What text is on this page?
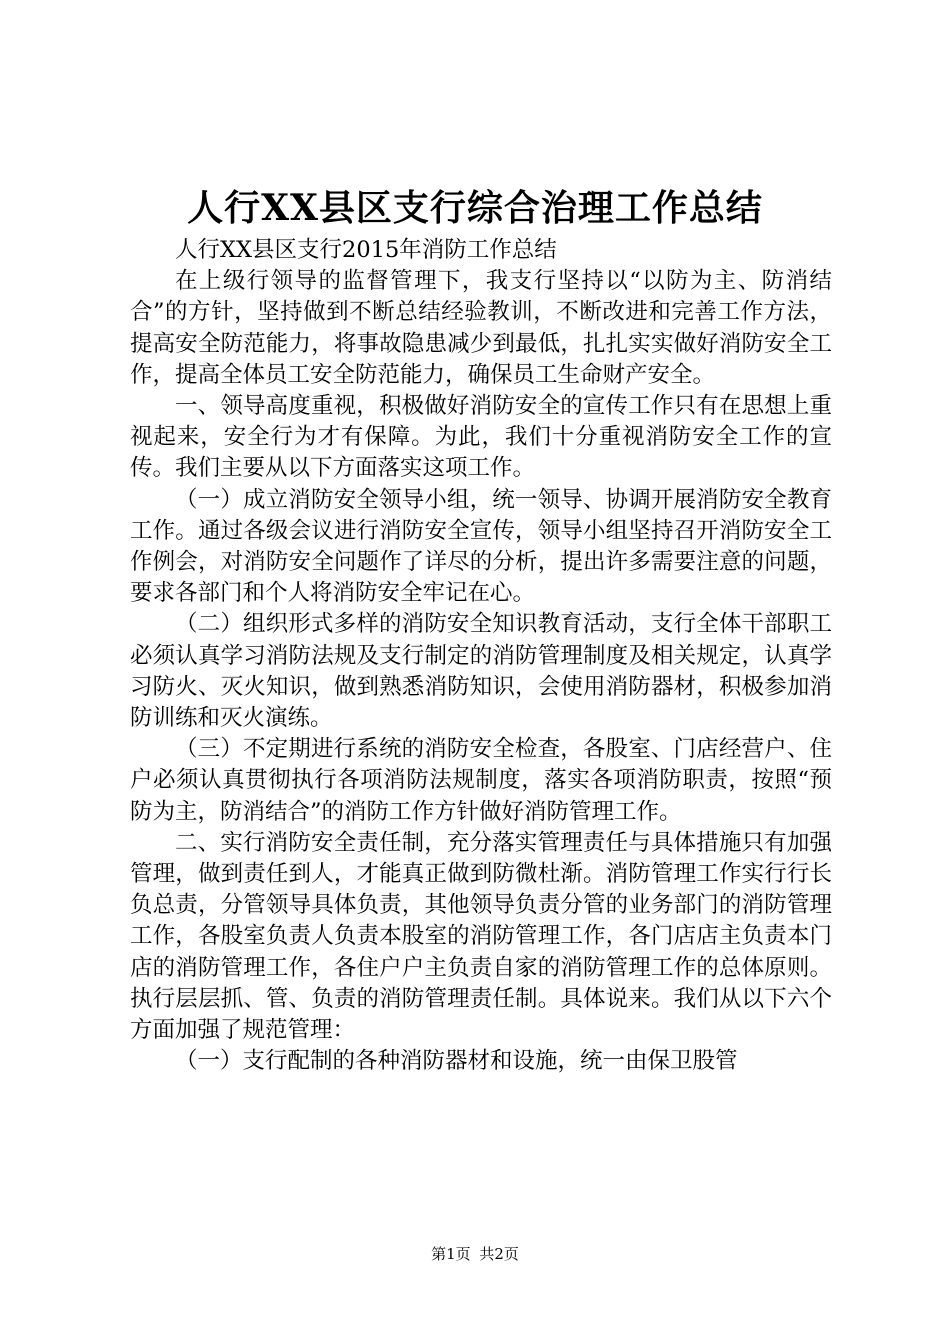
人行XX县区支行综合治理工作总结

人行XX县区支行2015年消防工作总结

在上级行领导的监督管理下，我支行坚持以“以防为主、防消结合”的方针，坚持做到不断总结经验教训，不断改进和完善工作方法，提高安全防范能力，将事故隐患减少到最低，扎扎实实做好消防安全工作，提高全体员工安全防范能力，确保员工生命财产安全。

一、领导高度重视，积极做好消防安全的宣传工作只有在思想上重视起来，安全行为才有保障。为此，我们十分重视消防安全工作的宣传。我们主要从以下方面落实这项工作。

（一）成立消防安全领导小组，统一领导、协调开展消防安全教育工作。通过各级会议进行消防安全宣传，领导小组坚持召开消防安全工作例会，对消防安全问题作了详尽的分析，提出许多需要注意的问题，要求各部门和个人将消防安全牢记在心。

（二）组织形式多样的消防安全知识教育活动，支行全体干部职工必须认真学习消防法规及支行制定的消防管理制度及相关规定，认真学习防火、灭火知识，做到熟悉消防知识，会使用消防器材，积极参加消防训练和灭火演练。

（三）不定期进行系统的消防安全检查，各股室、门店经营户、住户必须认真贯彻执行各项消防法规制度，落实各项消防职责，按照“预防为主，防消结合”的消防工作方针做好消防管理工作。

二、实行消防安全责任制，充分落实管理责任与具体措施只有加强管理，做到责任到人，才能真正做到防微杜渐。消防管理工作实行行长负总责，分管领导具体负责，其他领导负责分管的业务部门的消防管理工作，各股室负责人负责本股室的消防管理工作，各门店店主负责本门店的消防管理工作，各住户户主负责自家的消防管理工作的总体原则。执行层层抓、管、负责的消防管理责任制。具体说来。我们从以下六个方面加强了规范管理：

（一）支行配制的各种消防器材和设施，统一由保卫股管

第1页 共2页
